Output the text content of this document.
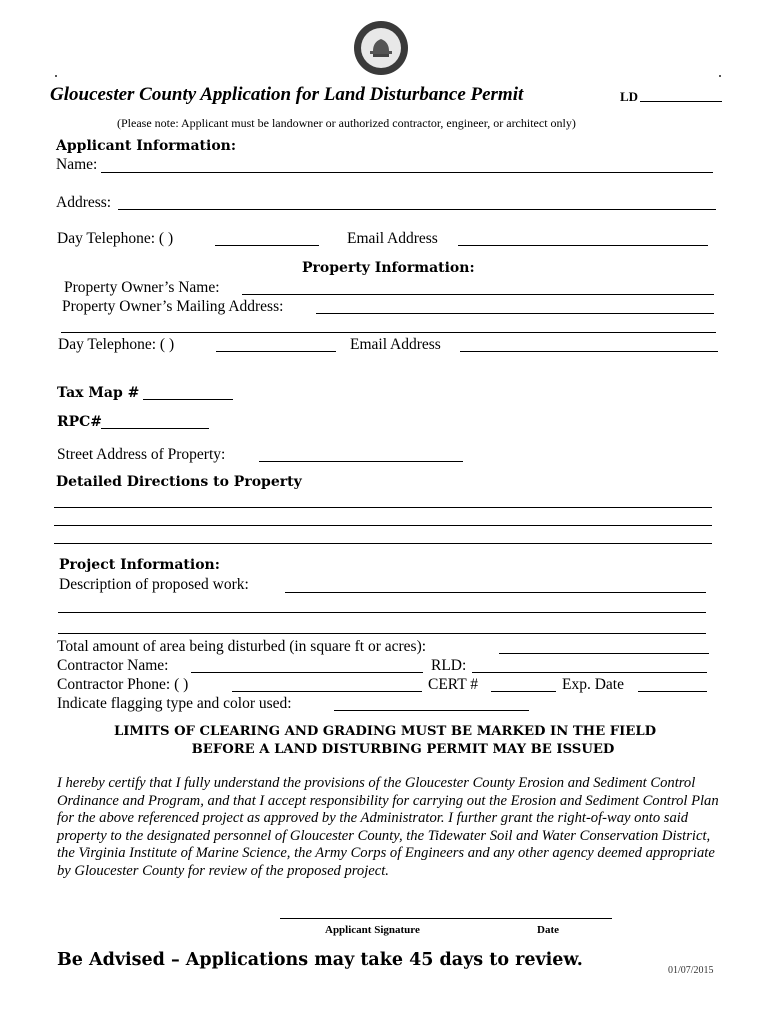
Gloucester County Application for Land Disturbance Permit	LD
(Please note: Applicant must be landowner or authorized contractor, engineer, or architect only)
Applicant Information:
Name:
Address:
Day Telephone: ( )	Email Address
Property Information:
Property Owner’s Name:
Property Owner’s Mailing Address:
Day Telephone: ( )	Email Address
Tax Map #
RPC#
Street Address of Property:
Detailed Directions to Property
Project Information:
Description of proposed work:
Total amount of area being disturbed (in square ft or acres):
Contractor Name:	RLD:
Contractor Phone: ( )	CERT #	Exp. Date
Indicate flagging type and color used:
LIMITS OF CLEARING AND GRADING MUST BE MARKED IN THE FIELD
BEFORE A LAND DISTURBING PERMIT MAY BE ISSUED
I hereby certify that I fully understand the provisions of the Gloucester County Erosion and Sediment Control Ordinance and Program, and that I accept responsibility for carrying out the Erosion and Sediment Control Plan for the above referenced project as approved by the Administrator. I further grant the right-of-way onto said property to the designated personnel of Gloucester County, the Tidewater Soil and Water Conservation District, the Virginia Institute of Marine Science, the Army Corps of Engineers and any other agency deemed appropriate by Gloucester County for review of the proposed project.
Applicant Signature	Date
Be Advised – Applications may take 45 days to review.
01/07/2015
